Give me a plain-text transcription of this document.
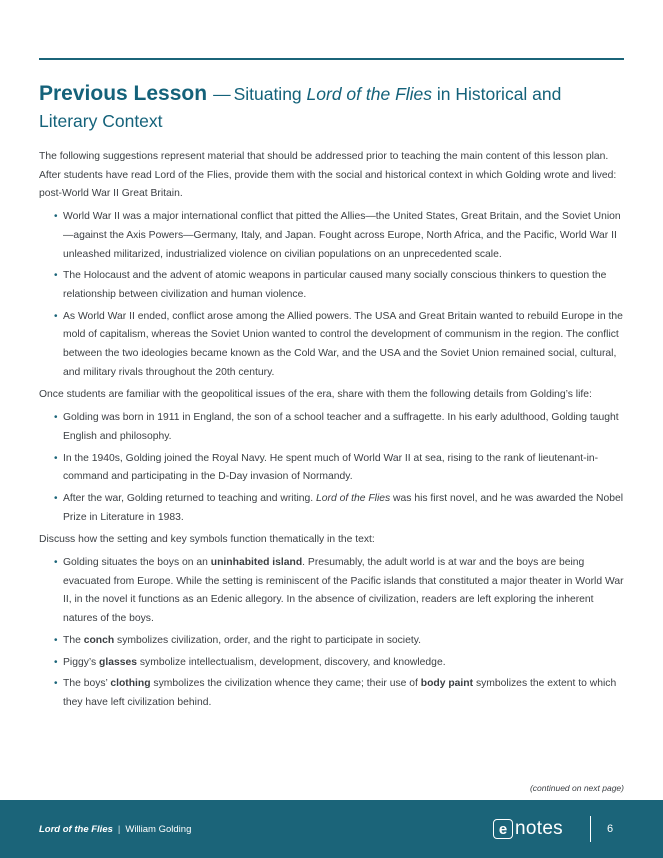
Previous Lesson — Situating Lord of the Flies in Historical and Literary Context

The following suggestions represent material that should be addressed prior to teaching the main content of this lesson plan. After students have read Lord of the Flies, provide them with the social and historical context in which Golding wrote and lived: post-World War II Great Britain.

• World War II was a major international conflict that pitted the Allies—the United States, Great Britain, and the Soviet Union—against the Axis Powers—Germany, Italy, and Japan. Fought across Europe, North Africa, and the Pacific, World War II unleashed militarized, industrialized violence on civilian populations on an unprecedented scale.
• The Holocaust and the advent of atomic weapons in particular caused many socially conscious thinkers to question the relationship between civilization and human violence.
• As World War II ended, conflict arose among the Allied powers. The USA and Great Britain wanted to rebuild Europe in the mold of capitalism, whereas the Soviet Union wanted to control the development of communism in the region. The conflict between the two ideologies became known as the Cold War, and the USA and the Soviet Union remained social, cultural, and military rivals throughout the 20th century.

Once students are familiar with the geopolitical issues of the era, share with them the following details from Golding’s life:

• Golding was born in 1911 in England, the son of a school teacher and a suffragette. In his early adulthood, Golding taught English and philosophy.
• In the 1940s, Golding joined the Royal Navy. He spent much of World War II at sea, rising to the rank of lieutenant-in-command and participating in the D-Day invasion of Normandy.
• After the war, Golding returned to teaching and writing. Lord of the Flies was his first novel, and he was awarded the Nobel Prize in Literature in 1983.

Discuss how the setting and key symbols function thematically in the text:

• Golding situates the boys on an uninhabited island. Presumably, the adult world is at war and the boys are being evacuated from Europe. While the setting is reminiscent of the Pacific islands that constituted a major theater in World War II, in the novel it functions as an Edenic allegory. In the absence of civilization, readers are left exploring the inherent natures of the boys.
• The conch symbolizes civilization, order, and the right to participate in society.
• Piggy’s glasses symbolize intellectualism, development, discovery, and knowledge.
• The boys’ clothing symbolizes the civilization whence they came; their use of body paint symbolizes the extent to which they have left civilization behind.
(continued on next page)
Lord of the Flies | William Golding	e notes	6
